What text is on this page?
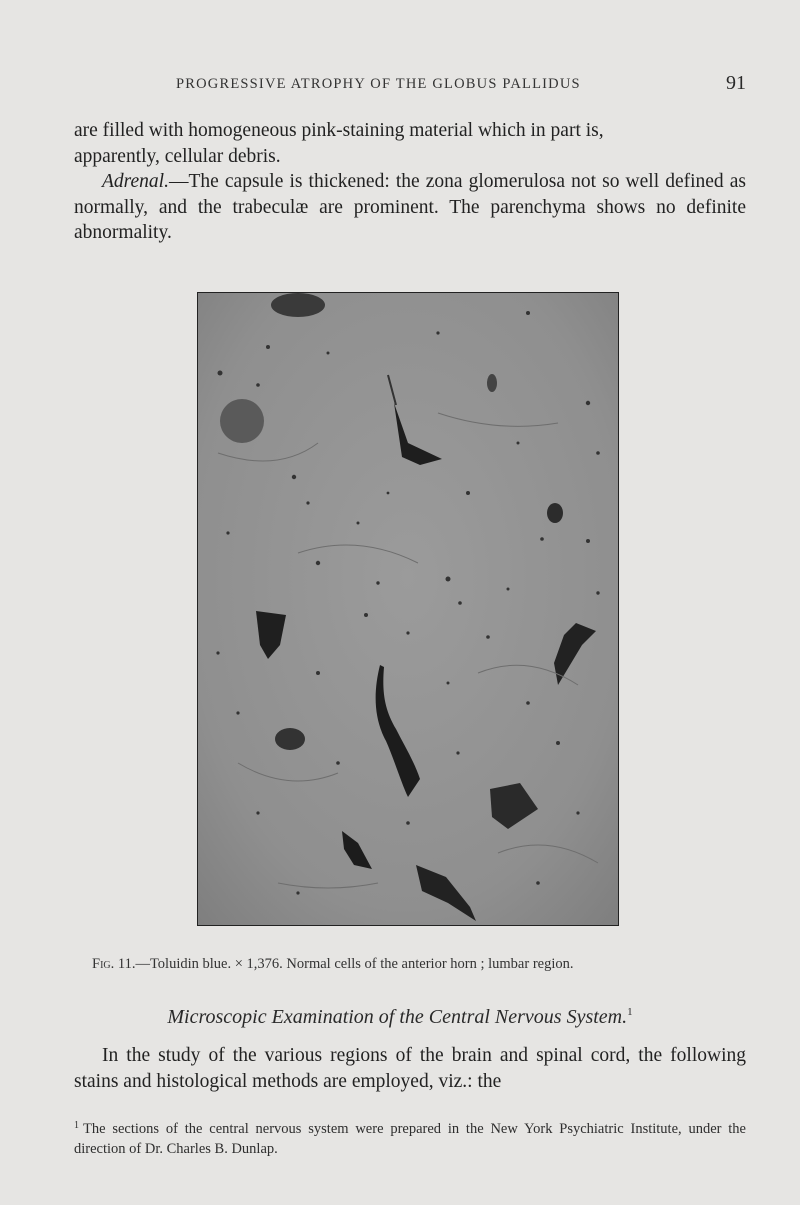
PROGRESSIVE ATROPHY OF THE GLOBUS PALLIDUS	91
are filled with homogeneous pink-staining material which in part is,
apparently, cellular debris.
Adrenal.—The capsule is thickened: the zona glomerulosa not so well defined as normally, and the trabeculæ are prominent. The parenchyma shows no definite abnormality.
Fig. 11.—Toluidin blue. × 1,376. Normal cells of the anterior horn ; lumbar region.
Microscopic Examination of the Central Nervous System.$^1$
In the study of the various regions of the brain and spinal cord, the following stains and histological methods are employed, viz.: the
$^1$ The sections of the central nervous system were prepared in the New York Psychiatric Institute, under the direction of Dr. Charles B. Dunlap.
